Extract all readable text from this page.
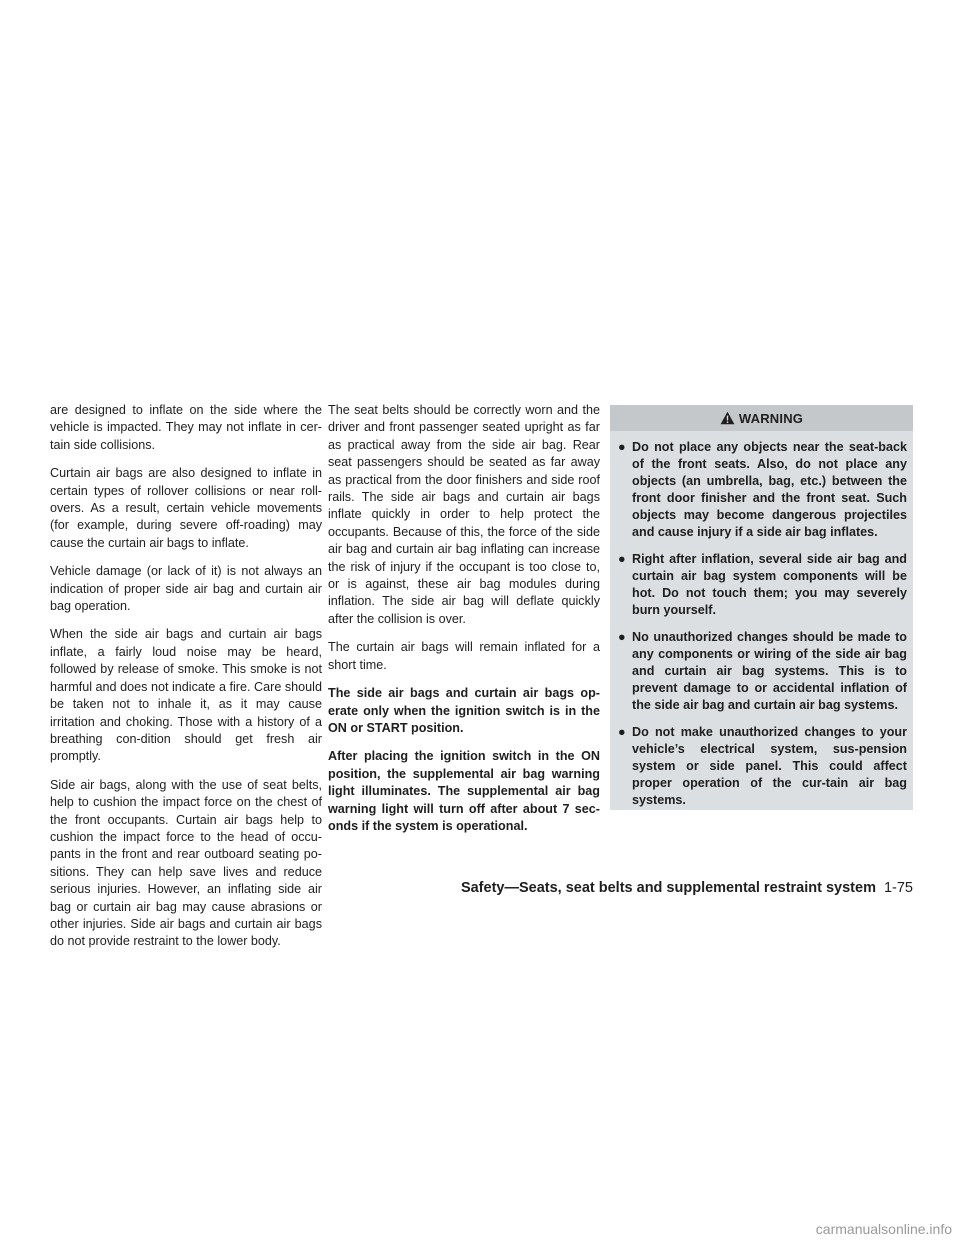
are designed to inflate on the side where the vehicle is impacted. They may not inflate in cer-tain side collisions.

Curtain air bags are also designed to inflate in certain types of rollover collisions or near roll-overs. As a result, certain vehicle movements (for example, during severe off-roading) may cause the curtain air bags to inflate.

Vehicle damage (or lack of it) is not always an indication of proper side air bag and curtain air bag operation.

When the side air bags and curtain air bags inflate, a fairly loud noise may be heard, followed by release of smoke. This smoke is not harmful and does not indicate a fire. Care should be taken not to inhale it, as it may cause irritation and choking. Those with a history of a breathing con-dition should get fresh air promptly.

Side air bags, along with the use of seat belts, help to cushion the impact force on the chest of the front occupants. Curtain air bags help to cushion the impact force to the head of occu-pants in the front and rear outboard seating po-sitions. They can help save lives and reduce serious injuries. However, an inflating side air bag or curtain air bag may cause abrasions or other injuries. Side air bags and curtain air bags do not provide restraint to the lower body.

The seat belts should be correctly worn and the driver and front passenger seated upright as far as practical away from the side air bag. Rear seat passengers should be seated as far away as practical from the door finishers and side roof rails. The side air bags and curtain air bags inflate quickly in order to help protect the occupants. Because of this, the force of the side air bag and curtain air bag inflating can increase the risk of injury if the occupant is too close to, or is against, these air bag modules during inflation. The side air bag will deflate quickly after the collision is over.

The curtain air bags will remain inflated for a short time.

The side air bags and curtain air bags op-erate only when the ignition switch is in the ON or START position.

After placing the ignition switch in the ON position, the supplemental air bag warning light illuminates. The supplemental air bag warning light will turn off after about 7 sec-onds if the system is operational.

WARNING
● Do not place any objects near the seat-back of the front seats. Also, do not place any objects (an umbrella, bag, etc.) between the front door finisher and the front seat. Such objects may become dangerous projectiles and cause injury if a side air bag inflates.
● Right after inflation, several side air bag and curtain air bag system components will be hot. Do not touch them; you may severely burn yourself.
● No unauthorized changes should be made to any components or wiring of the side air bag and curtain air bag systems. This is to prevent damage to or accidental inflation of the side air bag and curtain air bag systems.
● Do not make unauthorized changes to your vehicle’s electrical system, sus-pension system or side panel. This could affect proper operation of the cur-tain air bag systems.
Safety—Seats, seat belts and supplemental restraint system 1-75
carmanualsonline.info
